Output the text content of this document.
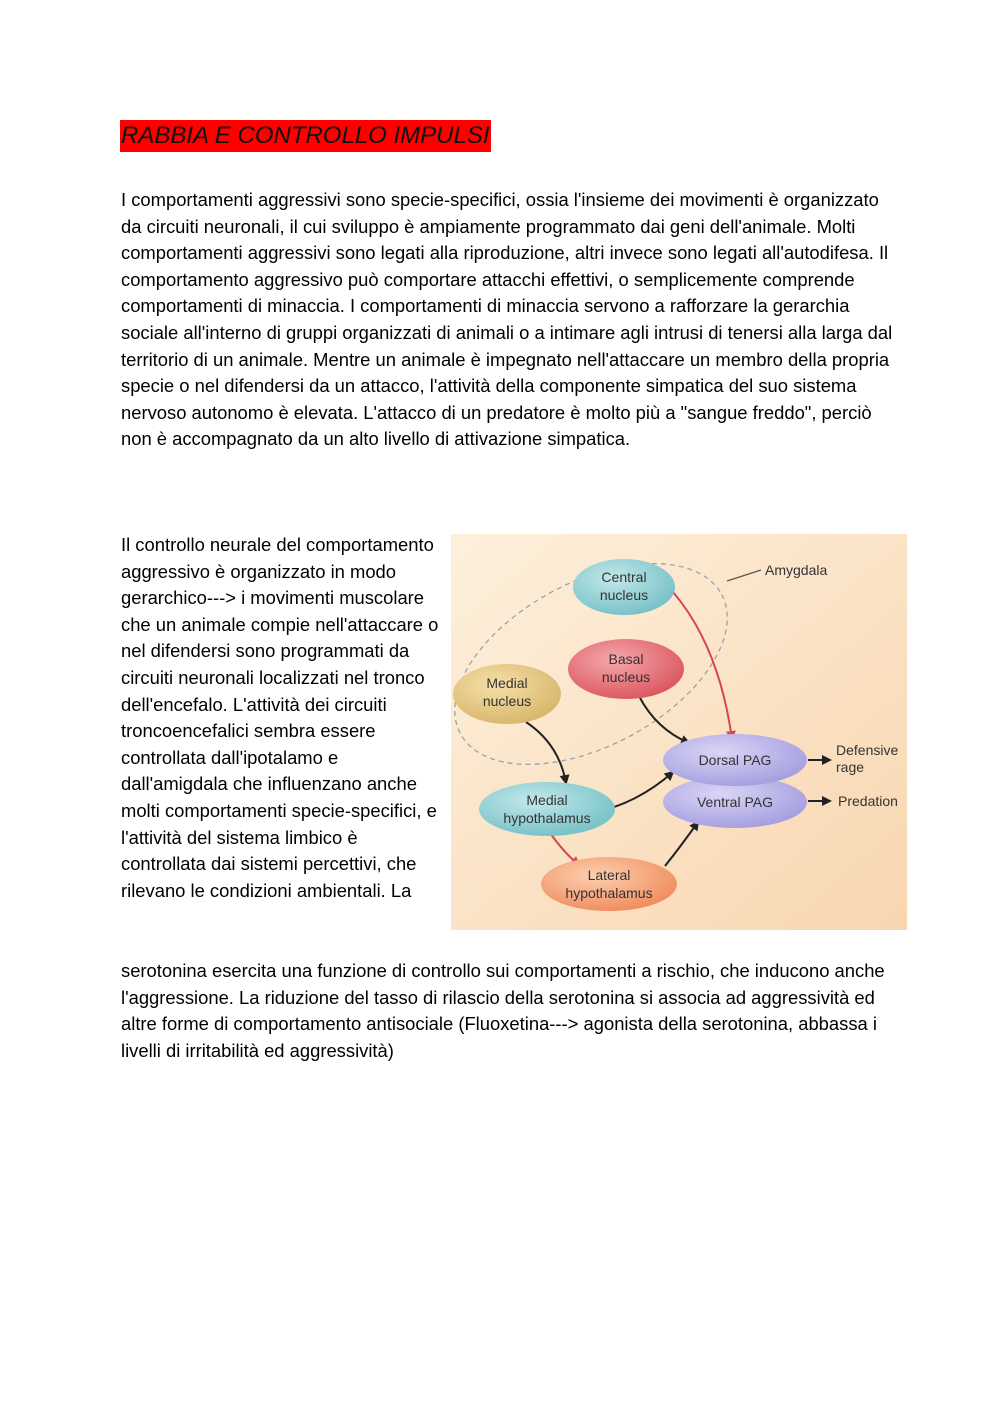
RABBIA E CONTROLLO IMPULSI

I comportamenti aggressivi sono specie-specifici, ossia l'insieme dei movimenti è organizzato da circuiti neuronali, il cui sviluppo è ampiamente programmato dai geni dell'animale. Molti comportamenti aggressivi sono legati alla riproduzione, altri invece sono legati all'autodifesa. Il comportamento aggressivo può comportare attacchi effettivi, o semplicemente comprende comportamenti di minaccia. I comportamenti di minaccia servono a rafforzare la gerarchia sociale all'interno di gruppi organizzati di animali o a intimare agli intrusi di tenersi alla larga dal territorio di un animale. Mentre un animale è impegnato nell'attaccare un membro della propria specie o nel difendersi da un attacco, l'attività della componente simpatica del suo sistema nervoso autonomo è elevata. L'attacco di un predatore è molto più a "sangue freddo", perciò non è accompagnato da un alto livello di attivazione simpatica.

Il controllo neurale del comportamento aggressivo è organizzato in modo gerarchico---> i movimenti muscolare che un animale compie nell'attaccare o nel difendersi sono programmati da circuiti neuronali localizzati nel tronco dell'encefalo. L'attività dei circuiti troncoencefalici sembra essere controllata dall'ipotalamo e dall'amigdala che influenzano anche molti comportamenti specie-specifici, e l'attività del sistema limbico è controllata dai sistemi percettivi, che rilevano le condizioni ambientali. La

serotonina esercita una funzione di controllo sui comportamenti a rischio, che inducono anche l'aggressione. La riduzione del tasso di rilascio della serotonina si associa ad aggressività ed altre forme di comportamento antisociale (Fluoxetina---> agonista della serotonina, abbassa i livelli di irritabilità ed aggressività)

Amygdala
Dorsal PAG
Ventral PAG
Central
nucleus
Basal
nucleus
Medial
nucleus
Medial
hypothalamus
Lateral
hypothalamus
Defensive
rage
Predation
